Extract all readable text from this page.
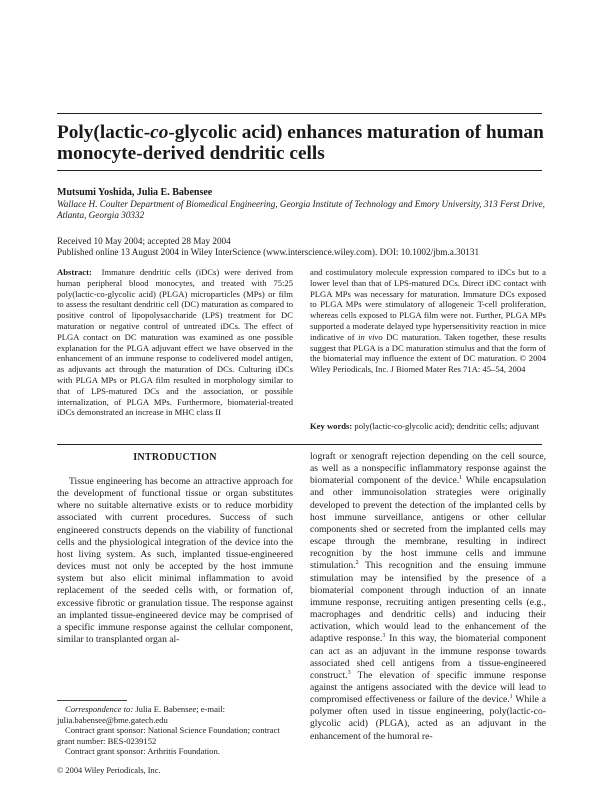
Poly(lactic-co-glycolic acid) enhances maturation of human monocyte-derived dendritic cells
Mutsumi Yoshida, Julia E. Babensee
Wallace H. Coulter Department of Biomedical Engineering, Georgia Institute of Technology and Emory University, 313 Ferst Drive, Atlanta, Georgia 30332
Received 10 May 2004; accepted 28 May 2004
Published online 13 August 2004 in Wiley InterScience (www.interscience.wiley.com). DOI: 10.1002/jbm.a.30131
Abstract: Immature dendritic cells (iDCs) were derived from human peripheral blood monocytes, and treated with 75:25 poly(lactic-co-glycolic acid) (PLGA) microparticles (MPs) or film to assess the resultant dendritic cell (DC) maturation as compared to positive control of lipopolysaccharide (LPS) treatment for DC maturation or negative control of untreated iDCs. The effect of PLGA contact on DC maturation was examined as one possible explanation for the PLGA adjuvant effect we have observed in the enhancement of an immune response to codelivered model antigen, as adjuvants act through the maturation of DCs. Culturing iDCs with PLGA MPs or PLGA film resulted in morphology similar to that of LPS-matured DCs and the association, or possible internalization, of PLGA MPs. Furthermore, biomaterial-treated iDCs demonstrated an increase in MHC class II
and costimulatory molecule expression compared to iDCs but to a lower level than that of LPS-matured DCs. Direct iDC contact with PLGA MPs was necessary for maturation. Immature DCs exposed to PLGA MPs were stimulatory of allogeneic T-cell proliferation, whereas cells exposed to PLGA film were not. Further, PLGA MPs supported a moderate delayed type hypersensitivity reaction in mice indicative of in vivo DC maturation. Taken together, these results suggest that PLGA is a DC maturation stimulus and that the form of the biomaterial may influence the extent of DC maturation. © 2004 Wiley Periodicals, Inc. J Biomed Mater Res 71A: 45–54, 2004
Key words: poly(lactic-co-glycolic acid); dendritic cells; adjuvant
INTRODUCTION

Tissue engineering has become an attractive approach for the development of functional tissue or organ substitutes where no suitable alternative exists or to reduce morbidity associated with current procedures. Success of such engineered constructs depends on the viability of functional cells and the physiological integration of the device into the host living system. As such, implanted tissue-engineered devices must not only be accepted by the host immune system but also elicit minimal inflammation to avoid replacement of the seeded cells with, or formation of, excessive fibrotic or granulation tissue. The response against an implanted tissue-engineered device may be comprised of a specific immune response against the cellular component, similar to transplanted organ al-

lograft or xenograft rejection depending on the cell source, as well as a nonspecific inflammatory response against the biomaterial component of the device.$^1$ While encapsulation and other immunoisolation strategies were originally developed to prevent the detection of the implanted cells by host immune surveillance, antigens or other cellular components shed or secreted from the implanted cells may escape through the membrane, resulting in indirect recognition by the host immune cells and immune stimulation.$^2$ This recognition and the ensuing immune stimulation may be intensified by the presence of a biomaterial component through induction of an innate immune response, recruiting antigen presenting cells (e.g., macrophages and dendritic cells) and inducing their activation, which would lead to the enhancement of the adaptive response.$^3$ In this way, the biomaterial component can act as an adjuvant in the immune response towards associated shed cell antigens from a tissue-engineered construct.$^3$ The elevation of specific immune response against the antigens associated with the device will lead to compromised effectiveness or failure of the device.$^1$ While a polymer often used in tissue engineering, poly(lactic-co-glycolic acid) (PLGA), acted as an adjuvant in the enhancement of the humoral re-

Correspondence to: Julia E. Babensee; e-mail: julia.babensee@bme.gatech.edu

Contract grant sponsor: National Science Foundation; contract grant number: BES-0239152

Contract grant sponsor: Arthritis Foundation.

© 2004 Wiley Periodicals, Inc.
